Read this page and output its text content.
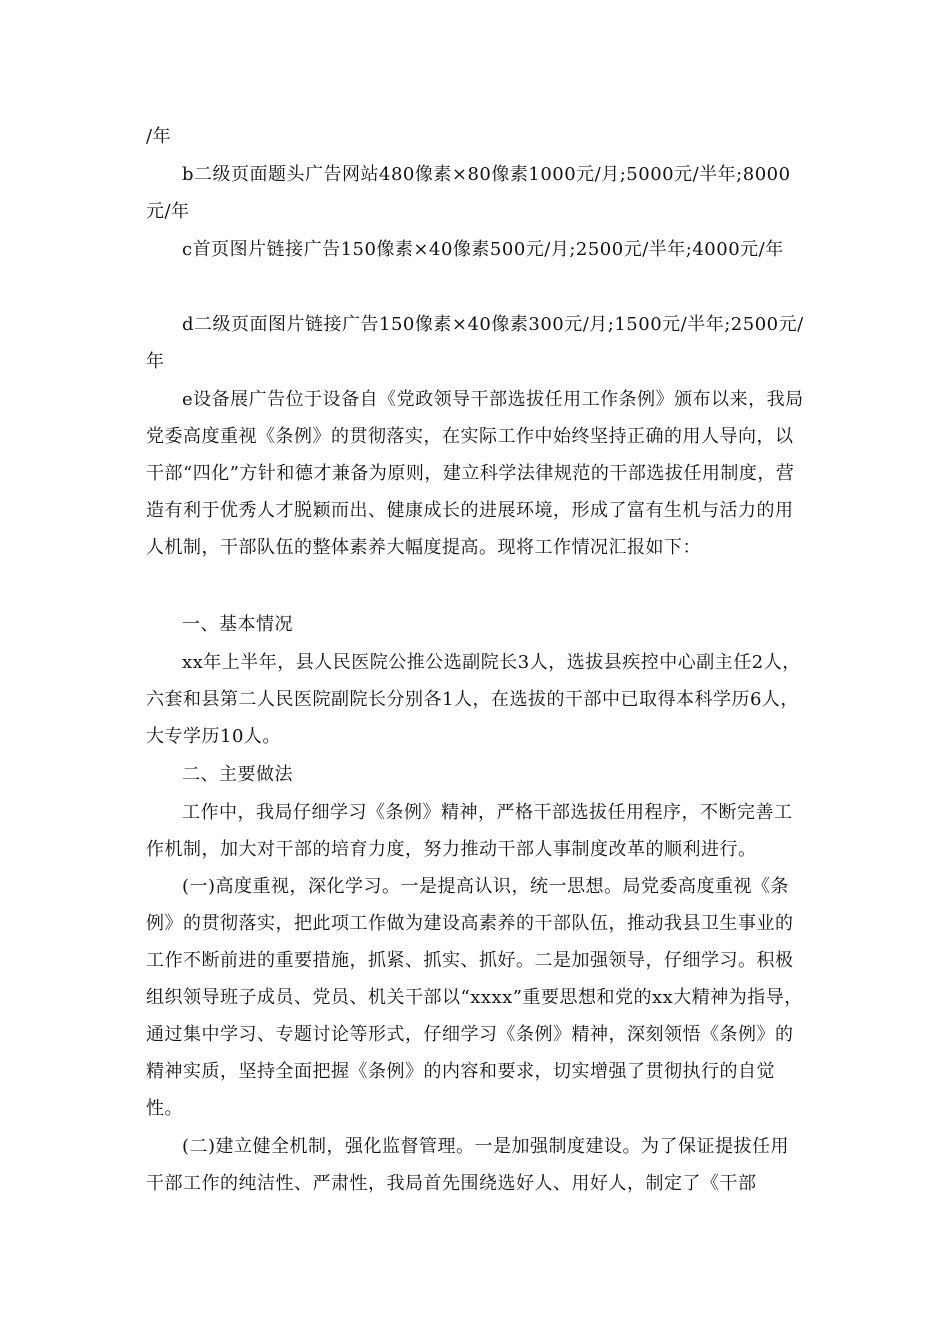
/年

b二级页面题头广告网站480像素×80像素1000元/月;5000元/半年;8000元/年

c首页图片链接广告150像素×40像素500元/月;2500元/半年;4000元/年

d二级页面图片链接广告150像素×40像素300元/月;1500元/半年;2500元/年

e设备展广告位于设备自《党政领导干部选拔任用工作条例》颁布以来，我局党委高度重视《条例》的贯彻落实，在实际工作中始终坚持正确的用人导向，以干部“四化”方针和德才兼备为原则，建立科学法律规范的干部选拔任用制度，营造有利于优秀人才脱颖而出、健康成长的进展环境，形成了富有生机与活力的用人机制，干部队伍的整体素养大幅度提高。现将工作情况汇报如下：

一、基本情况

xx年上半年，县人民医院公推公选副院长3人，选拔县疾控中心副主任2人，六套和县第二人民医院副院长分别各1人，在选拔的干部中已取得本科学历6人，大专学历10人。

二、主要做法

工作中，我局仔细学习《条例》精神，严格干部选拔任用程序，不断完善工作机制，加大对干部的培育力度，努力推动干部人事制度改革的顺利进行。

(一)高度重视，深化学习。一是提高认识，统一思想。局党委高度重视《条例》的贯彻落实，把此项工作做为建设高素养的干部队伍，推动我县卫生事业的工作不断前进的重要措施，抓紧、抓实、抓好。二是加强领导，仔细学习。积极组织领导班子成员、党员、机关干部以“xxxx”重要思想和党的xx大精神为指导，通过集中学习、专题讨论等形式，仔细学习《条例》精神，深刻领悟《条例》的精神实质，坚持全面把握《条例》的内容和要求，切实增强了贯彻执行的自觉性。

(二)建立健全机制，强化监督管理。一是加强制度建设。为了保证提拔任用干部工作的纯洁性、严肃性，我局首先围绕选好人、用好人，制定了《干部
